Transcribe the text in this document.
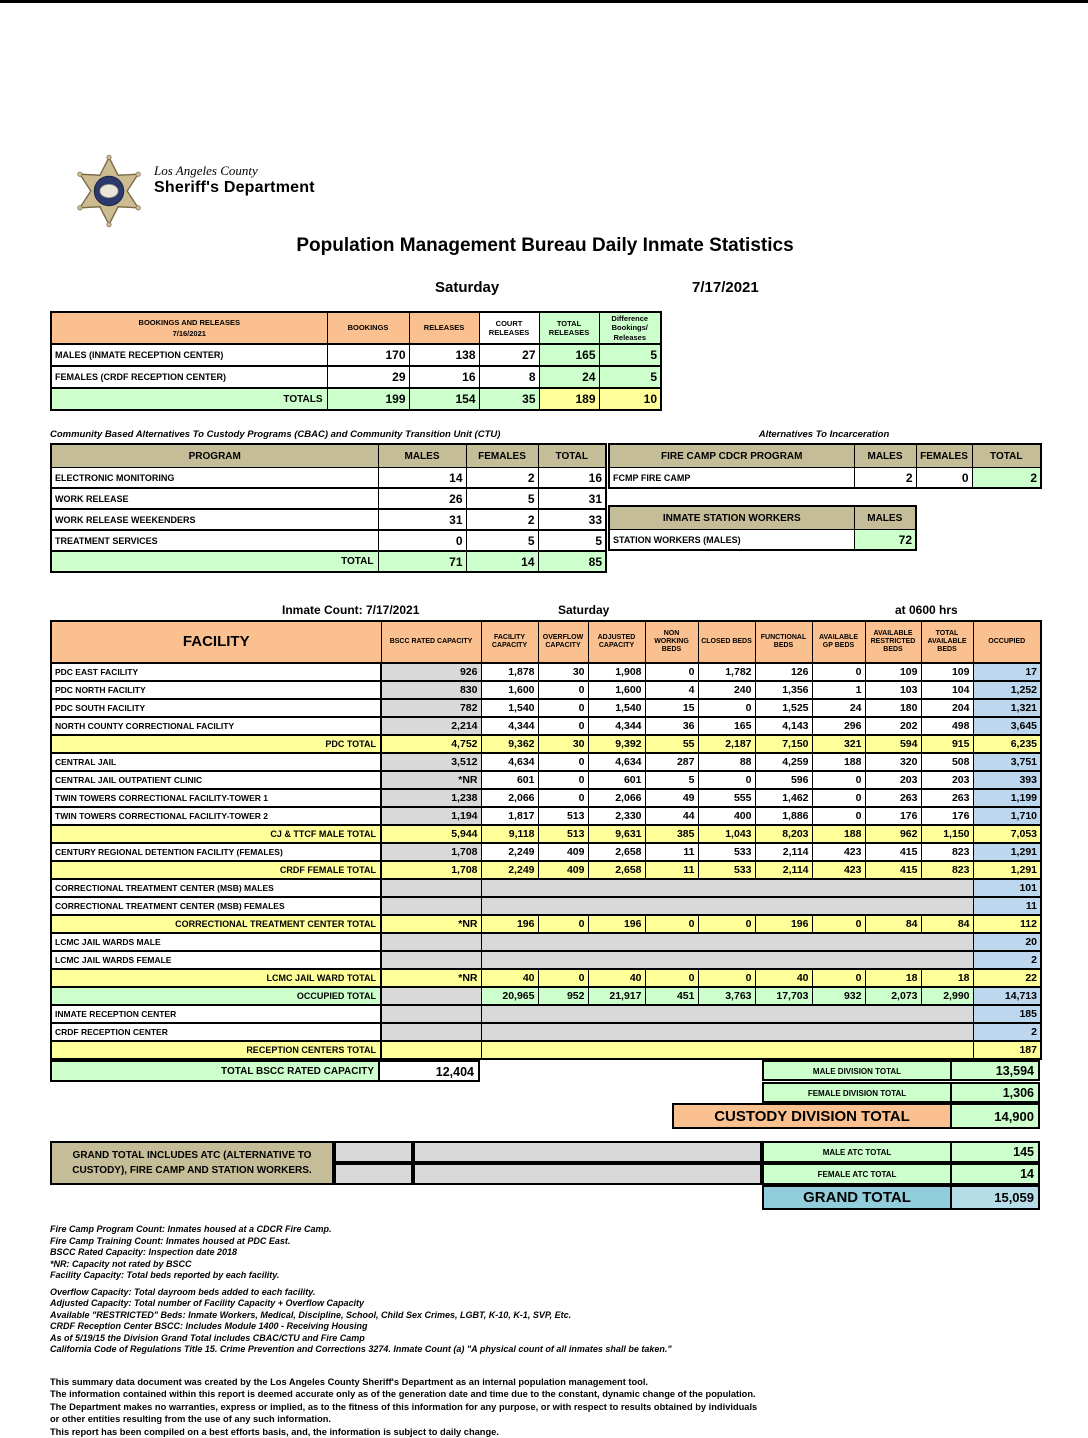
Los Angeles County
Sheriff's Department
Population Management Bureau Daily Inmate Statistics
Saturday	7/17/2021
BOOKINGS AND RELEASES
7/16/2021	BOOKINGS	RELEASES	COURT RELEASES	TOTAL RELEASES	Difference Bookings/ Releases
MALES (INMATE RECEPTION CENTER)	170	138	27	165	5
FEMALES (CRDF RECEPTION CENTER)	29	16	8	24	5
TOTALS	199	154	35	189	10
Community Based Alternatives To Custody Programs (CBAC) and Community Transition Unit (CTU)
PROGRAM	MALES	FEMALES	TOTAL
ELECTRONIC MONITORING	14	2	16
WORK RELEASE	26	5	31
WORK RELEASE WEEKENDERS	31	2	33
TREATMENT SERVICES	0	5	5
TOTAL	71	14	85
Alternatives To Incarceration
FIRE CAMP CDCR PROGRAM	MALES	FEMALES	TOTAL
FCMP FIRE CAMP	2	0	2
INMATE STATION WORKERS	MALES
STATION WORKERS (MALES)	72
Inmate Count: 7/17/2021	Saturday	at 0600 hrs
FACILITY	BSCC RATED CAPACITY	FACILITY CAPACITY	OVERFLOW CAPACITY	ADJUSTED CAPACITY	NON WORKING BEDS	CLOSED BEDS	FUNCTIONAL BEDS	AVAILABLE GP BEDS	AVAILABLE RESTRICTED BEDS	TOTAL AVAILABLE BEDS	OCCUPIED
PDC EAST FACILITY	926	1,878	30	1,908	0	1,782	126	0	109	109	17
PDC NORTH FACILITY	830	1,600	0	1,600	4	240	1,356	1	103	104	1,252
PDC SOUTH FACILITY	782	1,540	0	1,540	15	0	1,525	24	180	204	1,321
NORTH COUNTY CORRECTIONAL FACILITY	2,214	4,344	0	4,344	36	165	4,143	296	202	498	3,645
PDC TOTAL	4,752	9,362	30	9,392	55	2,187	7,150	321	594	915	6,235
CENTRAL JAIL	3,512	4,634	0	4,634	287	88	4,259	188	320	508	3,751
CENTRAL JAIL OUTPATIENT CLINIC	*NR	601	0	601	5	0	596	0	203	203	393
TWIN TOWERS CORRECTIONAL FACILITY-TOWER 1	1,238	2,066	0	2,066	49	555	1,462	0	263	263	1,199
TWIN TOWERS CORRECTIONAL FACILITY-TOWER 2	1,194	1,817	513	2,330	44	400	1,886	0	176	176	1,710
CJ & TTCF MALE TOTAL	5,944	9,118	513	9,631	385	1,043	8,203	188	962	1,150	7,053
CENTURY REGIONAL DETENTION FACILITY (FEMALES)	1,708	2,249	409	2,658	11	533	2,114	423	415	823	1,291
CRDF FEMALE TOTAL	1,708	2,249	409	2,658	11	533	2,114	423	415	823	1,291
CORRECTIONAL TREATMENT CENTER (MSB) MALES											101
CORRECTIONAL TREATMENT CENTER (MSB) FEMALES											11
CORRECTIONAL TREATMENT CENTER TOTAL	*NR	196	0	196	0	0	196	0	84	84	112
LCMC JAIL WARDS MALE											20
LCMC JAIL WARDS FEMALE											2
LCMC JAIL WARD TOTAL	*NR	40	0	40	0	0	40	0	18	18	22
OCCUPIED TOTAL		20,965	952	21,917	451	3,763	17,703	932	2,073	2,990	14,713
INMATE RECEPTION CENTER											185
CRDF RECEPTION CENTER											2
RECEPTION CENTERS TOTAL											187
TOTAL BSCC RATED CAPACITY	12,404	MALE DIVISION TOTAL	13,594
FEMALE DIVISION TOTAL	1,306
CUSTODY DIVISION TOTAL	14,900
GRAND TOTAL INCLUDES ATC (ALTERNATIVE TO
CUSTODY), FIRE CAMP AND STATION WORKERS.
MALE ATC TOTAL	145
FEMALE ATC TOTAL	14
GRAND TOTAL	15,059
Fire Camp Program Count: Inmates housed at a CDCR Fire Camp.
Fire Camp Training Count: Inmates housed at PDC East.
BSCC Rated Capacity: Inspection date 2018
*NR: Capacity not rated by BSCC
Facility Capacity: Total beds reported by each facility.
Overflow Capacity: Total dayroom beds added to each facility.
Adjusted Capacity: Total number of Facility Capacity + Overflow Capacity
Available "RESTRICTED" Beds: Inmate Workers, Medical, Discipline, School, Child Sex Crimes, LGBT, K-10, K-1, SVP, Etc.
CRDF Reception Center BSCC: Includes Module 1400 - Receiving Housing
As of 5/19/15 the Division Grand Total includes CBAC/CTU and Fire Camp
California Code of Regulations Title 15. Crime Prevention and Corrections 3274. Inmate Count (a) "A physical count of all inmates shall be taken."
This summary data document was created by the Los Angeles County Sheriff's Department as an internal population management tool.
The information contained within this report is deemed accurate only as of the generation date and time due to the constant, dynamic change of the population.
The Department makes no warranties, express or implied, as to the fitness of this information for any purpose, or with respect to results obtained by individuals
or other entities resulting from the use of any such information.
This report has been compiled on a best efforts basis, and, the information is subject to daily change.
